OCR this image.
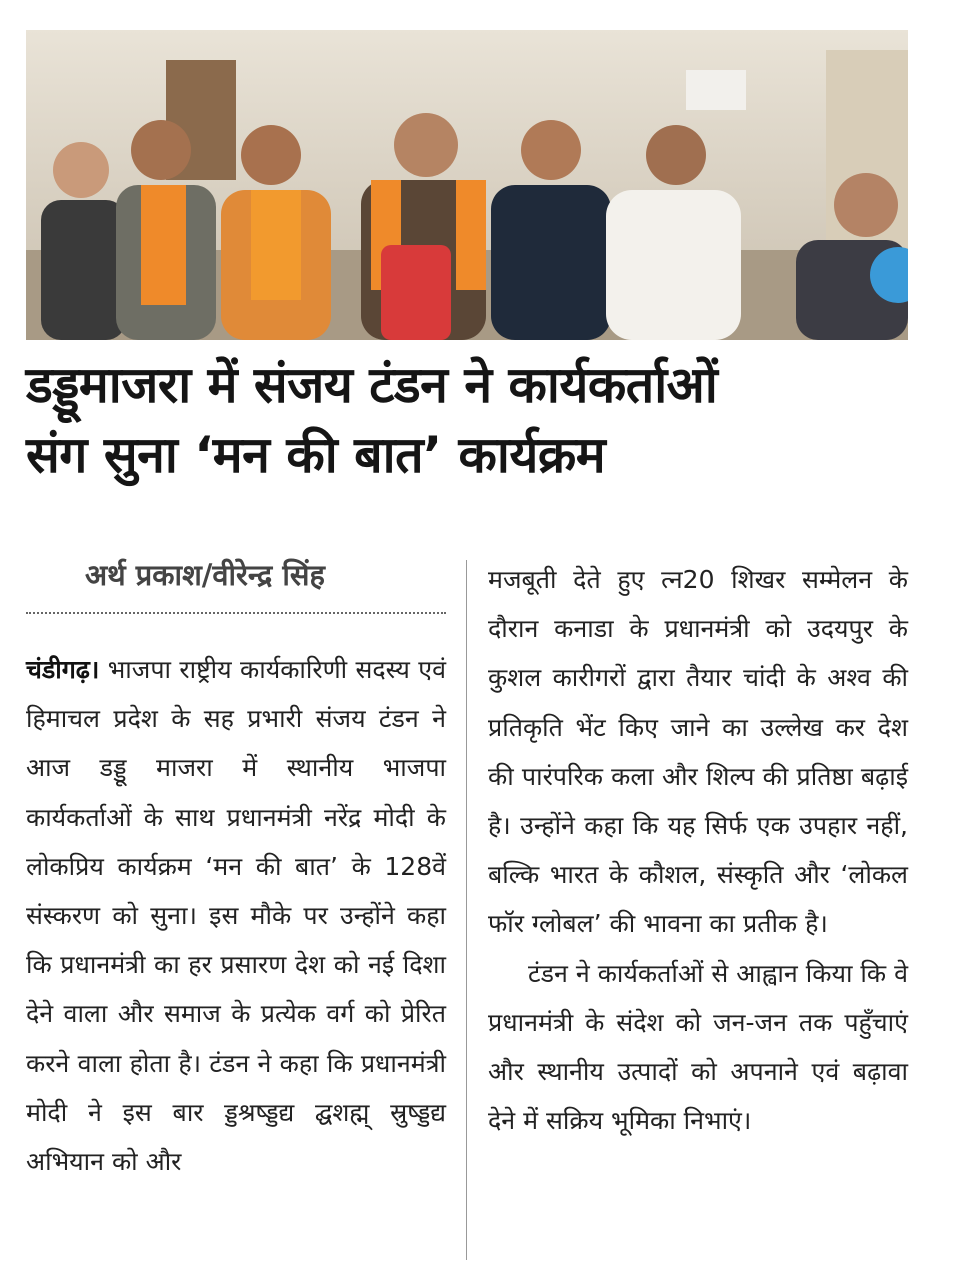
डड्डूमाजरा में संजय टंडन ने कार्यकर्ताओं
संग सुना ‘मन की बात’ कार्यक्रम
अर्थ प्रकाश/वीरेन्द्र सिंह

चंडीगढ़। भाजपा राष्ट्रीय कार्यकारिणी सदस्य एवं हिमाचल प्रदेश के सह प्रभारी संजय टंडन ने आज डड्डू माजरा में स्थानीय भाजपा कार्यकर्ताओं के साथ प्रधानमंत्री नरेंद्र मोदी के लोकप्रिय कार्यक्रम ‘मन की बात’ के 128वें संस्करण को सुना। इस मौके पर उन्होंने कहा कि प्रधानमंत्री का हर प्रसारण देश को नई दिशा देने वाला और समाज के प्रत्येक वर्ग को प्रेरित करने वाला होता है। टंडन ने कहा कि प्रधानमंत्री मोदी ने इस बार ड्डश्रष्ड्डद्य द्घशह्म् स्रुष्ड्डद्य अभियान को और

मजबूती देते हुए त्न20 शिखर सम्मेलन के दौरान कनाडा के प्रधानमंत्री को उदयपुर के कुशल कारीगरों द्वारा तैयार चांदी के अश्व की प्रतिकृति भेंट किए जाने का उल्लेख कर देश की पारंपरिक कला और शिल्प की प्रतिष्ठा बढ़ाई है। उन्होंने कहा कि यह सिर्फ एक उपहार नहीं, बल्कि भारत के कौशल, संस्कृति और ‘लोकल फॉर ग्लोबल’ की भावना का प्रतीक है।

टंडन ने कार्यकर्ताओं से आह्वान किया कि वे प्रधानमंत्री के संदेश को जन-जन तक पहुँचाएं और स्थानीय उत्पादों को अपनाने एवं बढ़ावा देने में सक्रिय भूमिका निभाएं।
